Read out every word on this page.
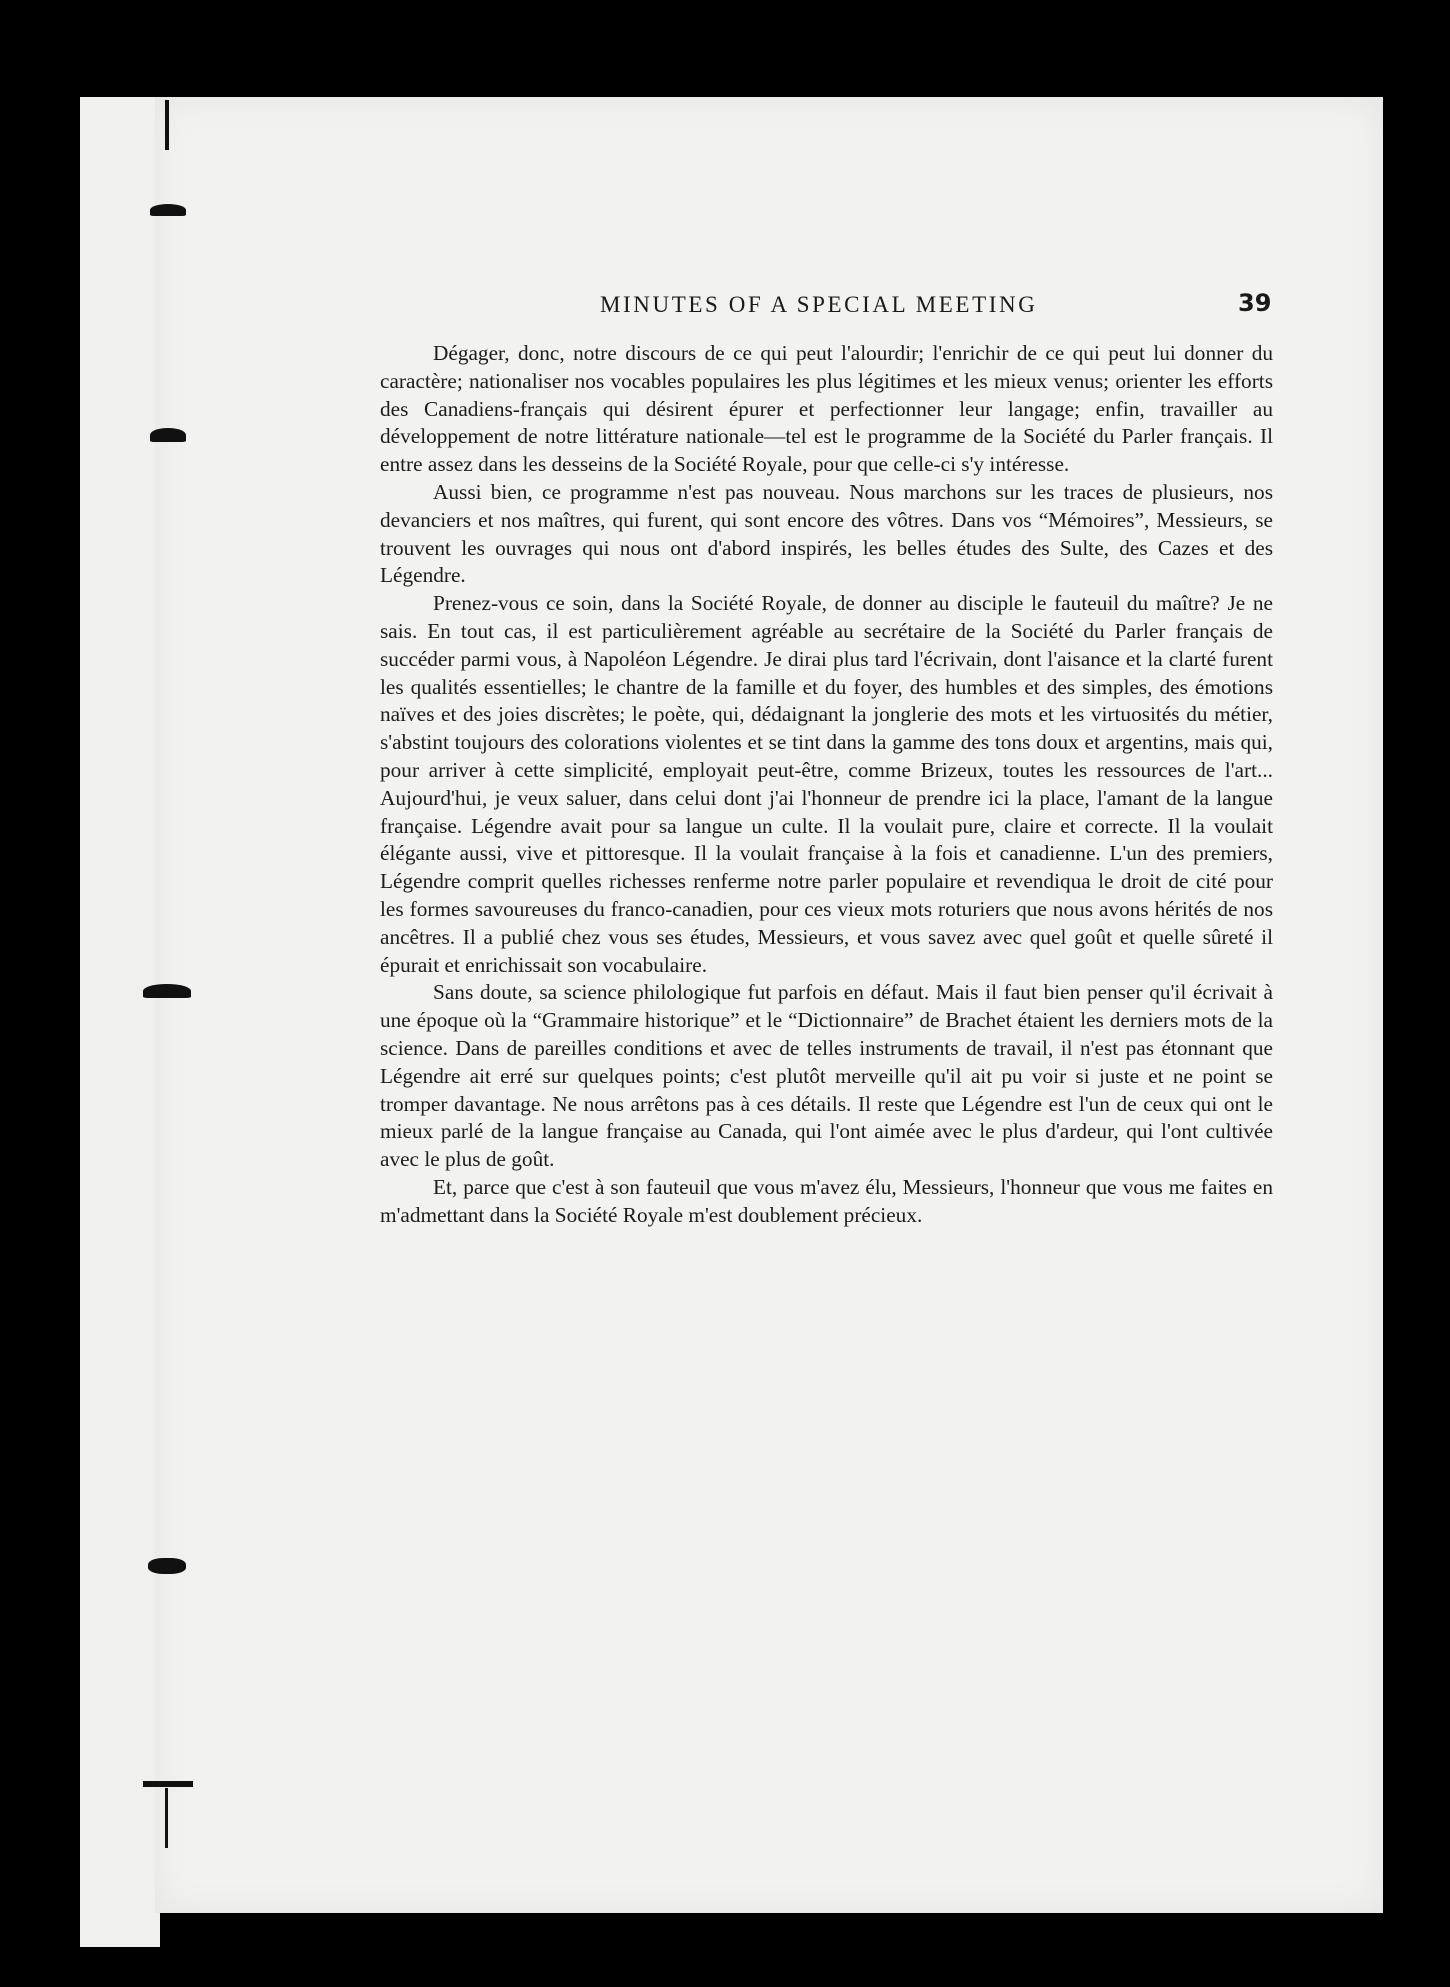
MINUTES OF A SPECIAL MEETING	39

Dégager, donc, notre discours de ce qui peut l'alourdir; l'enrichir de ce qui peut lui donner du caractère; nationaliser nos vocables populaires les plus légitimes et les mieux venus; orienter les efforts des Canadiens-français qui désirent épurer et perfectionner leur langage; enfin, travailler au développement de notre littérature nationale—tel est le programme de la Société du Parler français. Il entre assez dans les desseins de la Société Royale, pour que celle-ci s'y intéresse.

Aussi bien, ce programme n'est pas nouveau. Nous marchons sur les traces de plusieurs, nos devanciers et nos maîtres, qui furent, qui sont encore des vôtres. Dans vos “Mémoires”, Messieurs, se trouvent les ouvrages qui nous ont d'abord inspirés, les belles études des Sulte, des Cazes et des Légendre.

Prenez-vous ce soin, dans la Société Royale, de donner au disciple le fauteuil du maître? Je ne sais. En tout cas, il est particulièrement agréable au secrétaire de la Société du Parler français de succéder parmi vous, à Napoléon Légendre. Je dirai plus tard l'écrivain, dont l'aisance et la clarté furent les qualités essentielles; le chantre de la famille et du foyer, des humbles et des simples, des émotions naïves et des joies discrètes; le poète, qui, dédaignant la jonglerie des mots et les virtuosités du métier, s'abstint toujours des colorations violentes et se tint dans la gamme des tons doux et argentins, mais qui, pour arriver à cette simplicité, employait peut-être, comme Brizeux, toutes les ressources de l'art... Aujourd'hui, je veux saluer, dans celui dont j'ai l'honneur de prendre ici la place, l'amant de la langue française. Légendre avait pour sa langue un culte. Il la voulait pure, claire et correcte. Il la voulait élégante aussi, vive et pittoresque. Il la voulait française à la fois et canadienne. L'un des premiers, Légendre comprit quelles richesses renferme notre parler populaire et revendiqua le droit de cité pour les formes savoureuses du franco-canadien, pour ces vieux mots roturiers que nous avons hérités de nos ancêtres. Il a publié chez vous ses études, Messieurs, et vous savez avec quel goût et quelle sûreté il épurait et enrichissait son vocabulaire.

Sans doute, sa science philologique fut parfois en défaut. Mais il faut bien penser qu'il écrivait à une époque où la “Grammaire historique” et le “Dictionnaire” de Brachet étaient les derniers mots de la science. Dans de pareilles conditions et avec de telles instruments de travail, il n'est pas étonnant que Légendre ait erré sur quelques points; c'est plutôt merveille qu'il ait pu voir si juste et ne point se tromper davantage. Ne nous arrêtons pas à ces détails. Il reste que Légendre est l'un de ceux qui ont le mieux parlé de la langue française au Canada, qui l'ont aimée avec le plus d'ardeur, qui l'ont cultivée avec le plus de goût.

Et, parce que c'est à son fauteuil que vous m'avez élu, Messieurs, l'honneur que vous me faites en m'admettant dans la Société Royale m'est doublement précieux.
